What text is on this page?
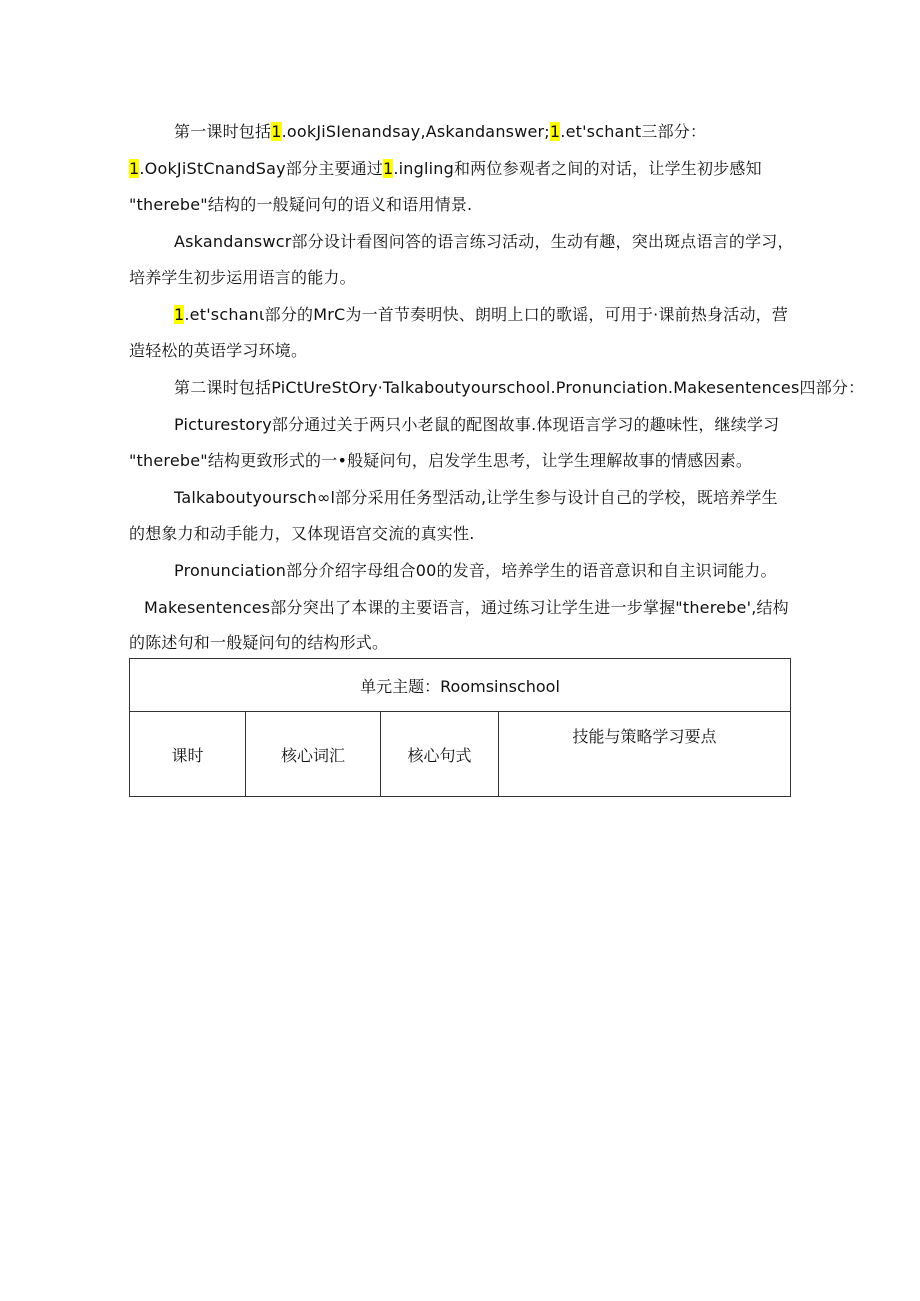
第一课时包括1.ookJiSIenandsay,Askandanswer;1.et'schant三部分：
1.OokJiStCnandSay部分主要通过1.ingling和两位参观者之间的对话，让学生初步感知
"therebe"结构的一般疑问句的语义和语用情景.
Askandanswcr部分设计看图问答的语言练习活动，生动有趣，突出斑点语言的学习，
培养学生初步运用语言的能力。
1.et'schanι部分的MrC为一首节奏明快、朗明上口的歌谣，可用于·课前热身活动，营
造轻松的英语学习环境。
第二课时包括PiCtUreStOry·Talkaboutyourschool.Pronunciation.Makesentences四部分：
Picturestory部分通过关于两只小老鼠的配图故事.体现语言学习的趣味性，继续学习
"therebe"结构更致形式的一•般疑问句，启发学生思考，让学生理解故事的情感因素。
Talkaboutyoursch∞l部分采用任务型活动,让学生参与设计自己的学校，既培养学生
的想象力和动手能力，又体现语宫交流的真实性.
Pronunciation部分介绍字母组合00的发音，培养学生的语音意识和自主识词能力。
Makesentences部分突出了本课的主要语言，通过练习让学生进一步掌握"therebe',结构
的陈述句和一般疑问句的结构形式。
单元主题：Roomsinschool
课时	核心词汇	核心句式	技能与策略学习要点
